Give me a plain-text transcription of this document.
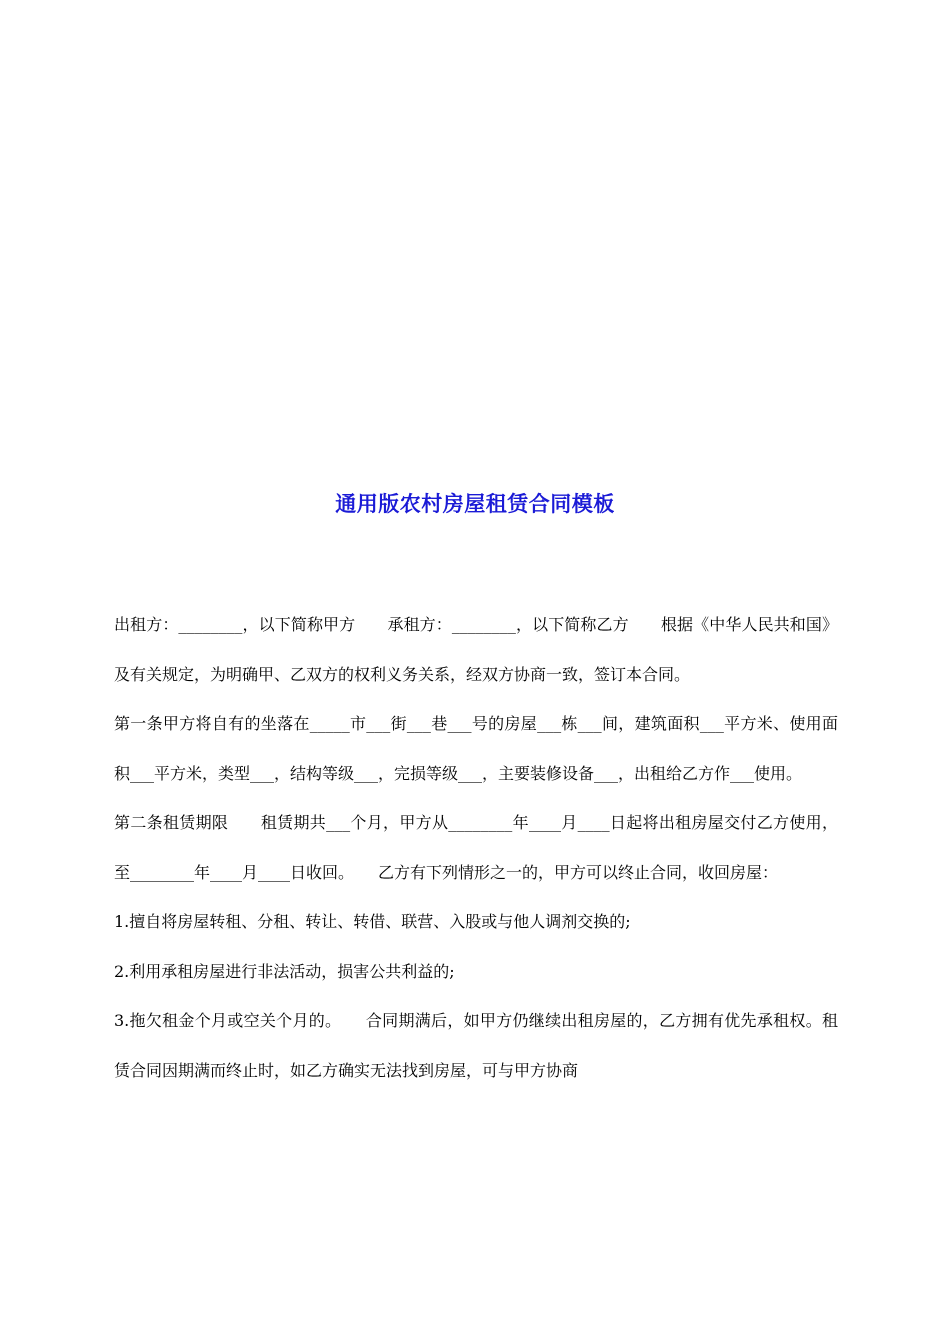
通用版农村房屋租赁合同模板

出租方：________，以下简称甲方　　承租方：________，以下简称乙方　　根据《中华人民共和国》及有关规定，为明确甲、乙双方的权利义务关系，经双方协商一致，签订本合同。

第一条甲方将自有的坐落在_____市___街___巷___号的房屋___栋___间，建筑面积___平方米、使用面积___平方米，类型___，结构等级___，完损等级___，主要装修设备___，出租给乙方作___使用。

第二条租赁期限　　租赁期共___个月，甲方从________年____月____日起将出租房屋交付乙方使用，至________年____月____日收回。　　乙方有下列情形之一的，甲方可以终止合同，收回房屋：

1.擅自将房屋转租、分租、转让、转借、联营、入股或与他人调剂交换的;

2.利用承租房屋进行非法活动，损害公共利益的;

3.拖欠租金个月或空关个月的。　　合同期满后，如甲方仍继续出租房屋的，乙方拥有优先承租权。租赁合同因期满而终止时，如乙方确实无法找到房屋，可与甲方协商
